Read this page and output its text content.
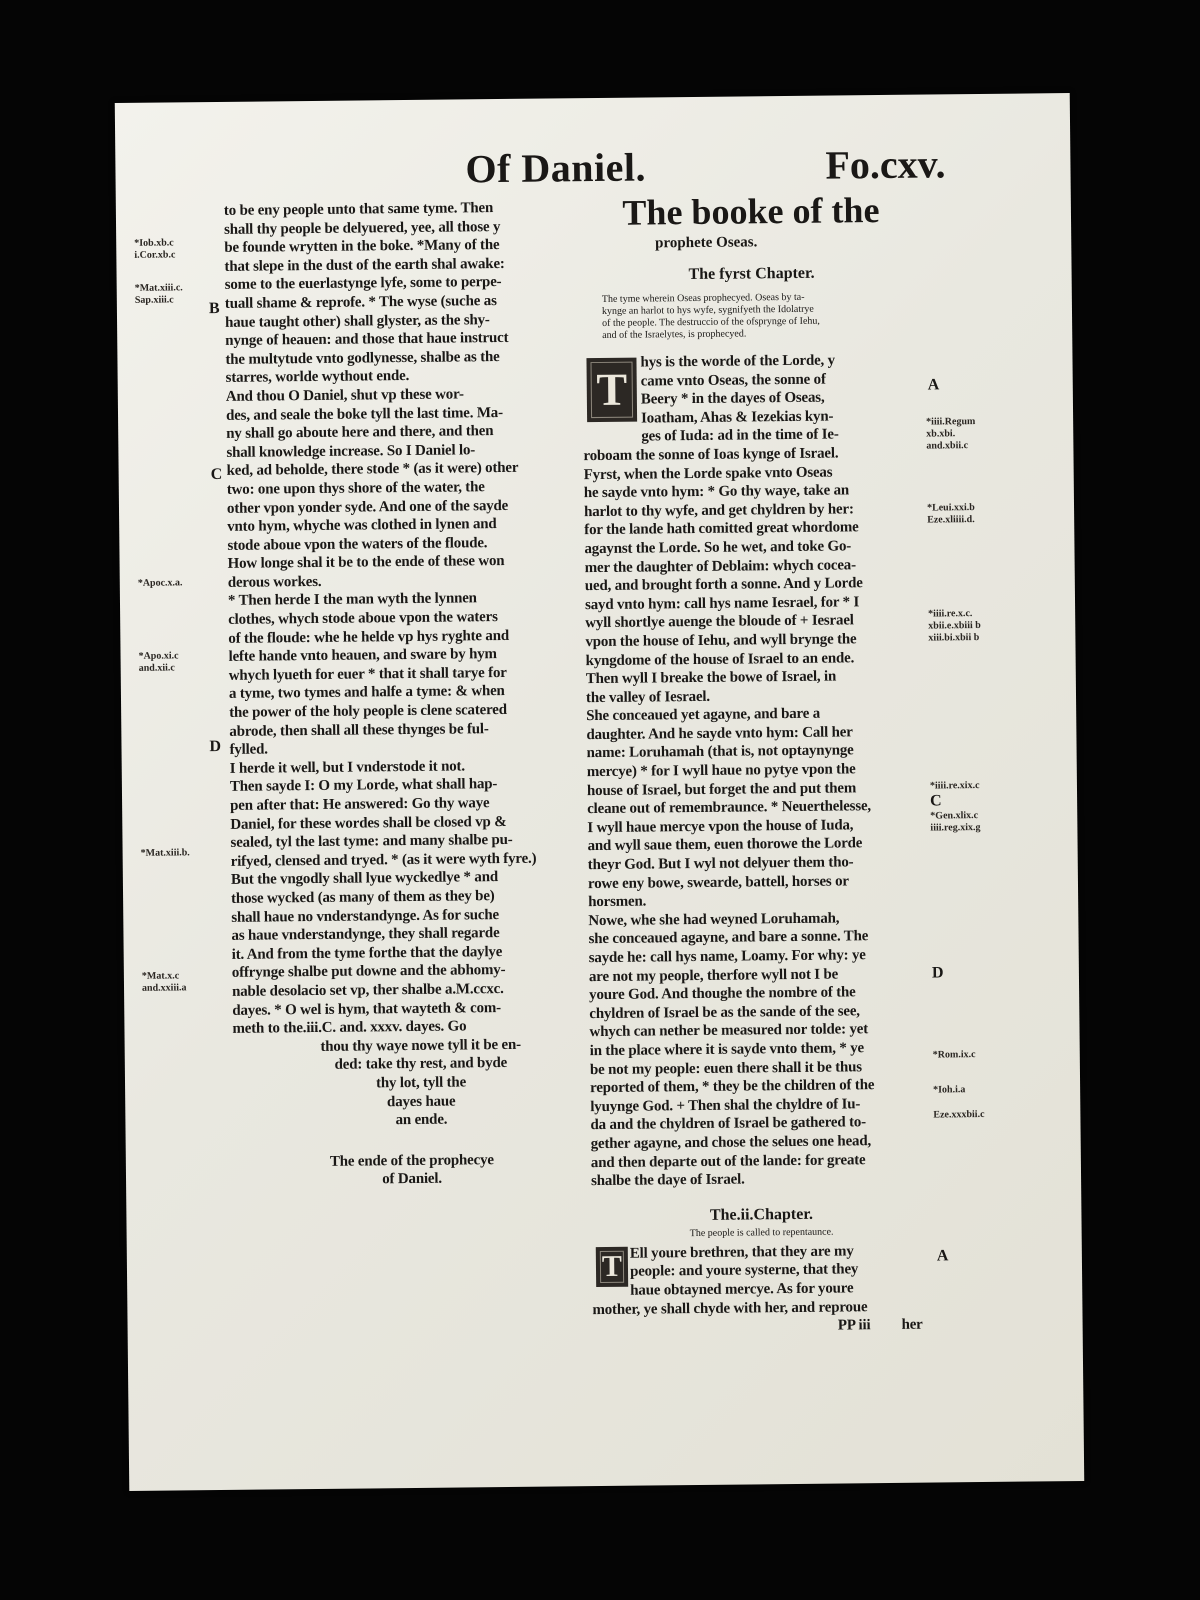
Of Daniel.	Fo.cxv.
*Iob.xb.c
i.Cor.xb.c
*Mat.xiii.c.
Sap.xiii.c
*Apoc.x.a.
*Apo.xi.c
and.xii.c
*Mat.xiii.b.
*Mat.x.c
and.xxiii.a
B
C
D
to be eny people unto that same tyme. Then
shall thy people be delyuered, yee, all those y
be founde wrytten in the boke. *Many of the
that slepe in the dust of the earth shal awake:
some to the euerlastynge lyfe, some to perpe-
tuall shame & reprofe. * The wyse (suche as
haue taught other) shall glyster, as the shy-
nynge of heauen: and those that haue instruct
the multytude vnto godlynesse, shalbe as the
starres, worlde wythout ende.
And thou O Daniel, shut vp these wor-
des, and seale the boke tyll the last time. Ma-
ny shall go aboute here and there, and then
shall knowledge increase. So I Daniel lo-
ked, ad beholde, there stode * (as it were) other
two: one upon thys shore of the water, the
other vpon yonder syde. And one of the sayde
vnto hym, whyche was clothed in lynen and
stode aboue vpon the waters of the floude.
How longe shal it be to the ende of these won
derous workes.
* Then herde I the man wyth the lynnen
clothes, whych stode aboue vpon the waters
of the floude: whe he helde vp hys ryghte and
lefte hande vnto heauen, and sware by hym
whych lyueth for euer * that it shall tarye for
a tyme, two tymes and halfe a tyme: & when
the power of the holy people is clene scatered
abrode, then shall all these thynges be ful-
fylled.
I herde it well, but I vnderstode it not.
Then sayde I: O my Lorde, what shall hap-
pen after that: He answered: Go thy waye
Daniel, for these wordes shall be closed vp &
sealed, tyl the last tyme: and many shalbe pu-
rifyed, clensed and tryed. * (as it were wyth fyre.)
But the vngodly shall lyue wyckedlye * and
those wycked (as many of them as they be)
shall haue no vnderstandynge. As for suche
as haue vnderstandynge, they shall regarde
it. And from the tyme forthe that the daylye
offrynge shalbe put downe and the abhomy-
nable desolacio set vp, ther shalbe a.M.ccxc.
dayes. * O wel is hym, that wayteth & com-
meth to the.iii.C. and. xxxv. dayes. Go
thou thy waye nowe tyll it be en-
ded: take thy rest, and byde
thy lot, tyll the
dayes haue
an ende.
The ende of the prophecye
of Daniel.
The booke of the
prophete Oseas.
The fyrst Chapter.
The tyme wherein Oseas prophecyed. Oseas by ta-
kynge an harlot to hys wyfe, sygnifyeth the Idolatrye
of the people. The destruccio of the ofsprynge of Iehu,
and of the Israelytes, is prophecyed.
T
hys is the worde of the Lorde, y
came vnto Oseas, the sonne of
Beery * in the dayes of Oseas,
Ioatham, Ahas & Iezekias kyn-
ges of Iuda: ad in the time of Ie-
roboam the sonne of Ioas kynge of Israel.
Fyrst, when the Lorde spake vnto Oseas
he sayde vnto hym: * Go thy waye, take an
harlot to thy wyfe, and get chyldren by her:
for the lande hath comitted great whordome
agaynst the Lorde. So he wet, and toke Go-
mer the daughter of Deblaim: whych cocea-
ued, and brought forth a sonne. And y Lorde
sayd vnto hym: call hys name Iesrael, for * I
wyll shortlye auenge the bloude of + Iesrael
vpon the house of Iehu, and wyll brynge the
kyngdome of the house of Israel to an ende.
Then wyll I breake the bowe of Israel, in
the valley of Iesrael.
She conceaued yet agayne, and bare a
daughter. And he sayde vnto hym: Call her
name: Loruhamah (that is, not optaynynge
mercye) * for I wyll haue no pytye vpon the
house of Israel, but forget the and put them
cleane out of remembraunce. * Neuerthelesse,
I wyll haue mercye vpon the house of Iuda,
and wyll saue them, euen thorowe the Lorde
theyr God. But I wyl not delyuer them tho-
rowe eny bowe, swearde, battell, horses or
horsmen.
Nowe, whe she had weyned Loruhamah,
she conceaued agayne, and bare a sonne. The
sayde he: call hys name, Loamy. For why: ye
are not my people, therfore wyll not I be
youre God. And thoughe the nombre of the
chyldren of Israel be as the sande of the see,
whych can nether be measured nor tolde: yet
in the place where it is sayde vnto them, * ye
be not my people: euen there shall it be thus
reported of them, * they be the children of the
lyuynge God. + Then shal the chyldre of Iu-
da and the chyldren of Israel be gathered to-
gether agayne, and chose the selues one head,
and then departe out of the lande: for greate
shalbe the daye of Israel.
The.ii.Chapter.
The people is called to repentaunce.
T Ell youre brethren, that they are my
people: and youre systerne, that they
haue obtayned mercye. As for youre
mother, ye shall chyde with her, and reproue
PP iii her
*iiii.Regum
xb.xbi.
and.xbii.c
*Leui.xxi.b
Eze.xliiii.d.
*iiii.re.x.c.
xbii.e.xbiii b
xiii.bi.xbii b
*iiii.re.xix.c
*Gen.xlix.c
iiii.reg.xix.g
*Rom.ix.c
*Ioh.i.a
Eze.xxxbii.c
A
C
D
A
